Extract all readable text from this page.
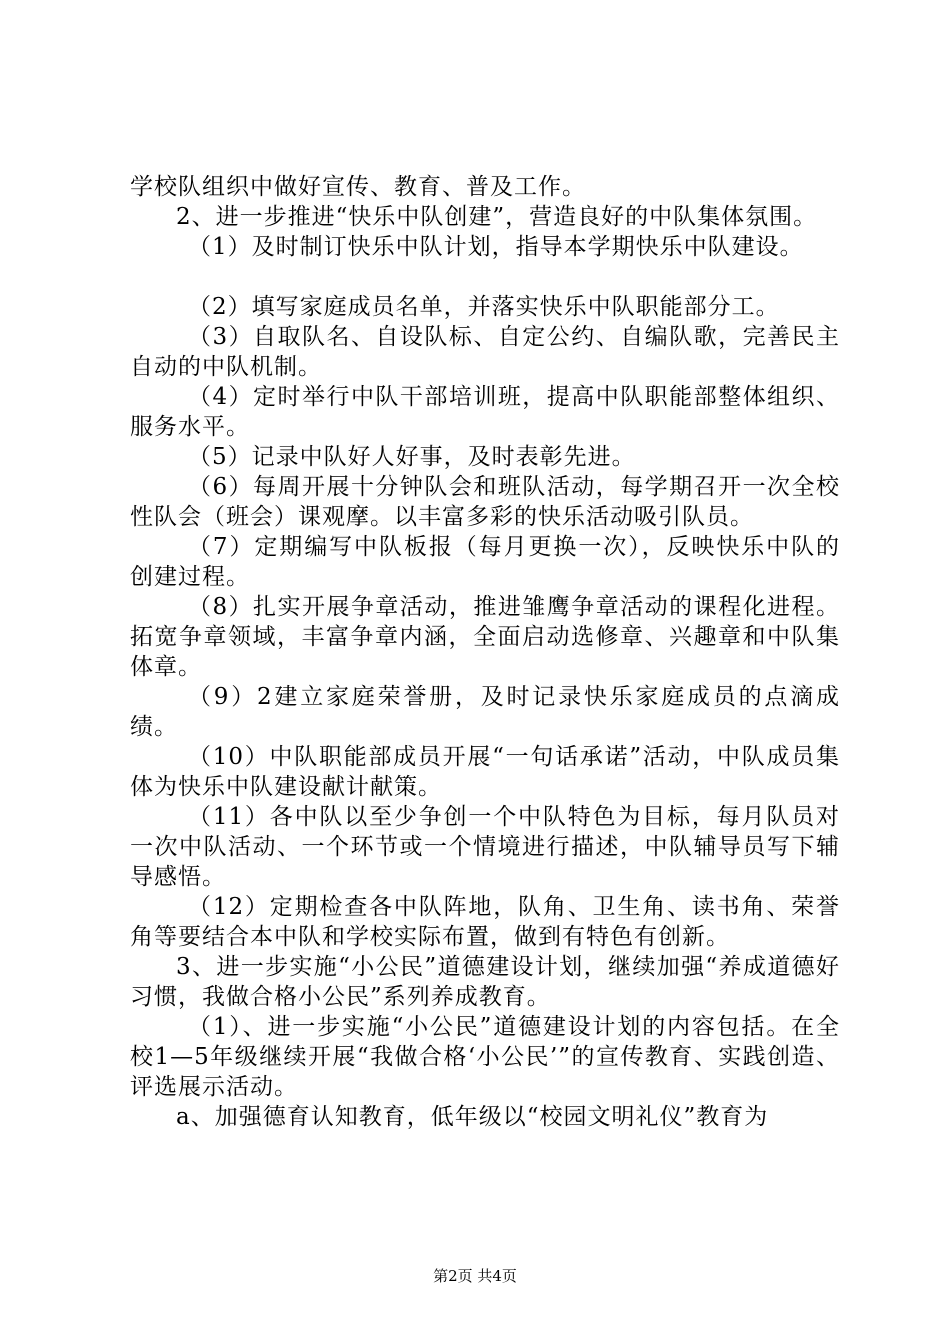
学校队组织中做好宣传、教育、普及工作。

2、进一步推进“快乐中队创建”，营造良好的中队集体氛围。

（1）及时制订快乐中队计划，指导本学期快乐中队建设。

（2）填写家庭成员名单，并落实快乐中队职能部分工。

（3）自取队名、自设队标、自定公约、自编队歌，完善民主自动的中队机制。

（4）定时举行中队干部培训班，提高中队职能部整体组织、服务水平。

（5）记录中队好人好事，及时表彰先进。

（6）每周开展十分钟队会和班队活动，每学期召开一次全校性队会（班会）课观摩。以丰富多彩的快乐活动吸引队员。

（7）定期编写中队板报（每月更换一次），反映快乐中队的创建过程。

（8）扎实开展争章活动，推进雏鹰争章活动的课程化进程。拓宽争章领域，丰富争章内涵，全面启动选修章、兴趣章和中队集体章。

（9）2建立家庭荣誉册，及时记录快乐家庭成员的点滴成绩。

（10）中队职能部成员开展“一句话承诺”活动，中队成员集体为快乐中队建设献计献策。

（11）各中队以至少争创一个中队特色为目标，每月队员对一次中队活动、一个环节或一个情境进行描述，中队辅导员写下辅导感悟。

（12）定期检查各中队阵地，队角、卫生角、读书角、荣誉角等要结合本中队和学校实际布置，做到有特色有创新。

3、进一步实施“小公民”道德建设计划，继续加强“养成道德好习惯，我做合格小公民”系列养成教育。

（1）、进一步实施“小公民”道德建设计划的内容包括。在全校1—5年级继续开展“我做合格‘小公民’”的宣传教育、实践创造、评选展示活动。

a、加强德育认知教育，低年级以“校园文明礼仪”教育为

第2页 共4页
